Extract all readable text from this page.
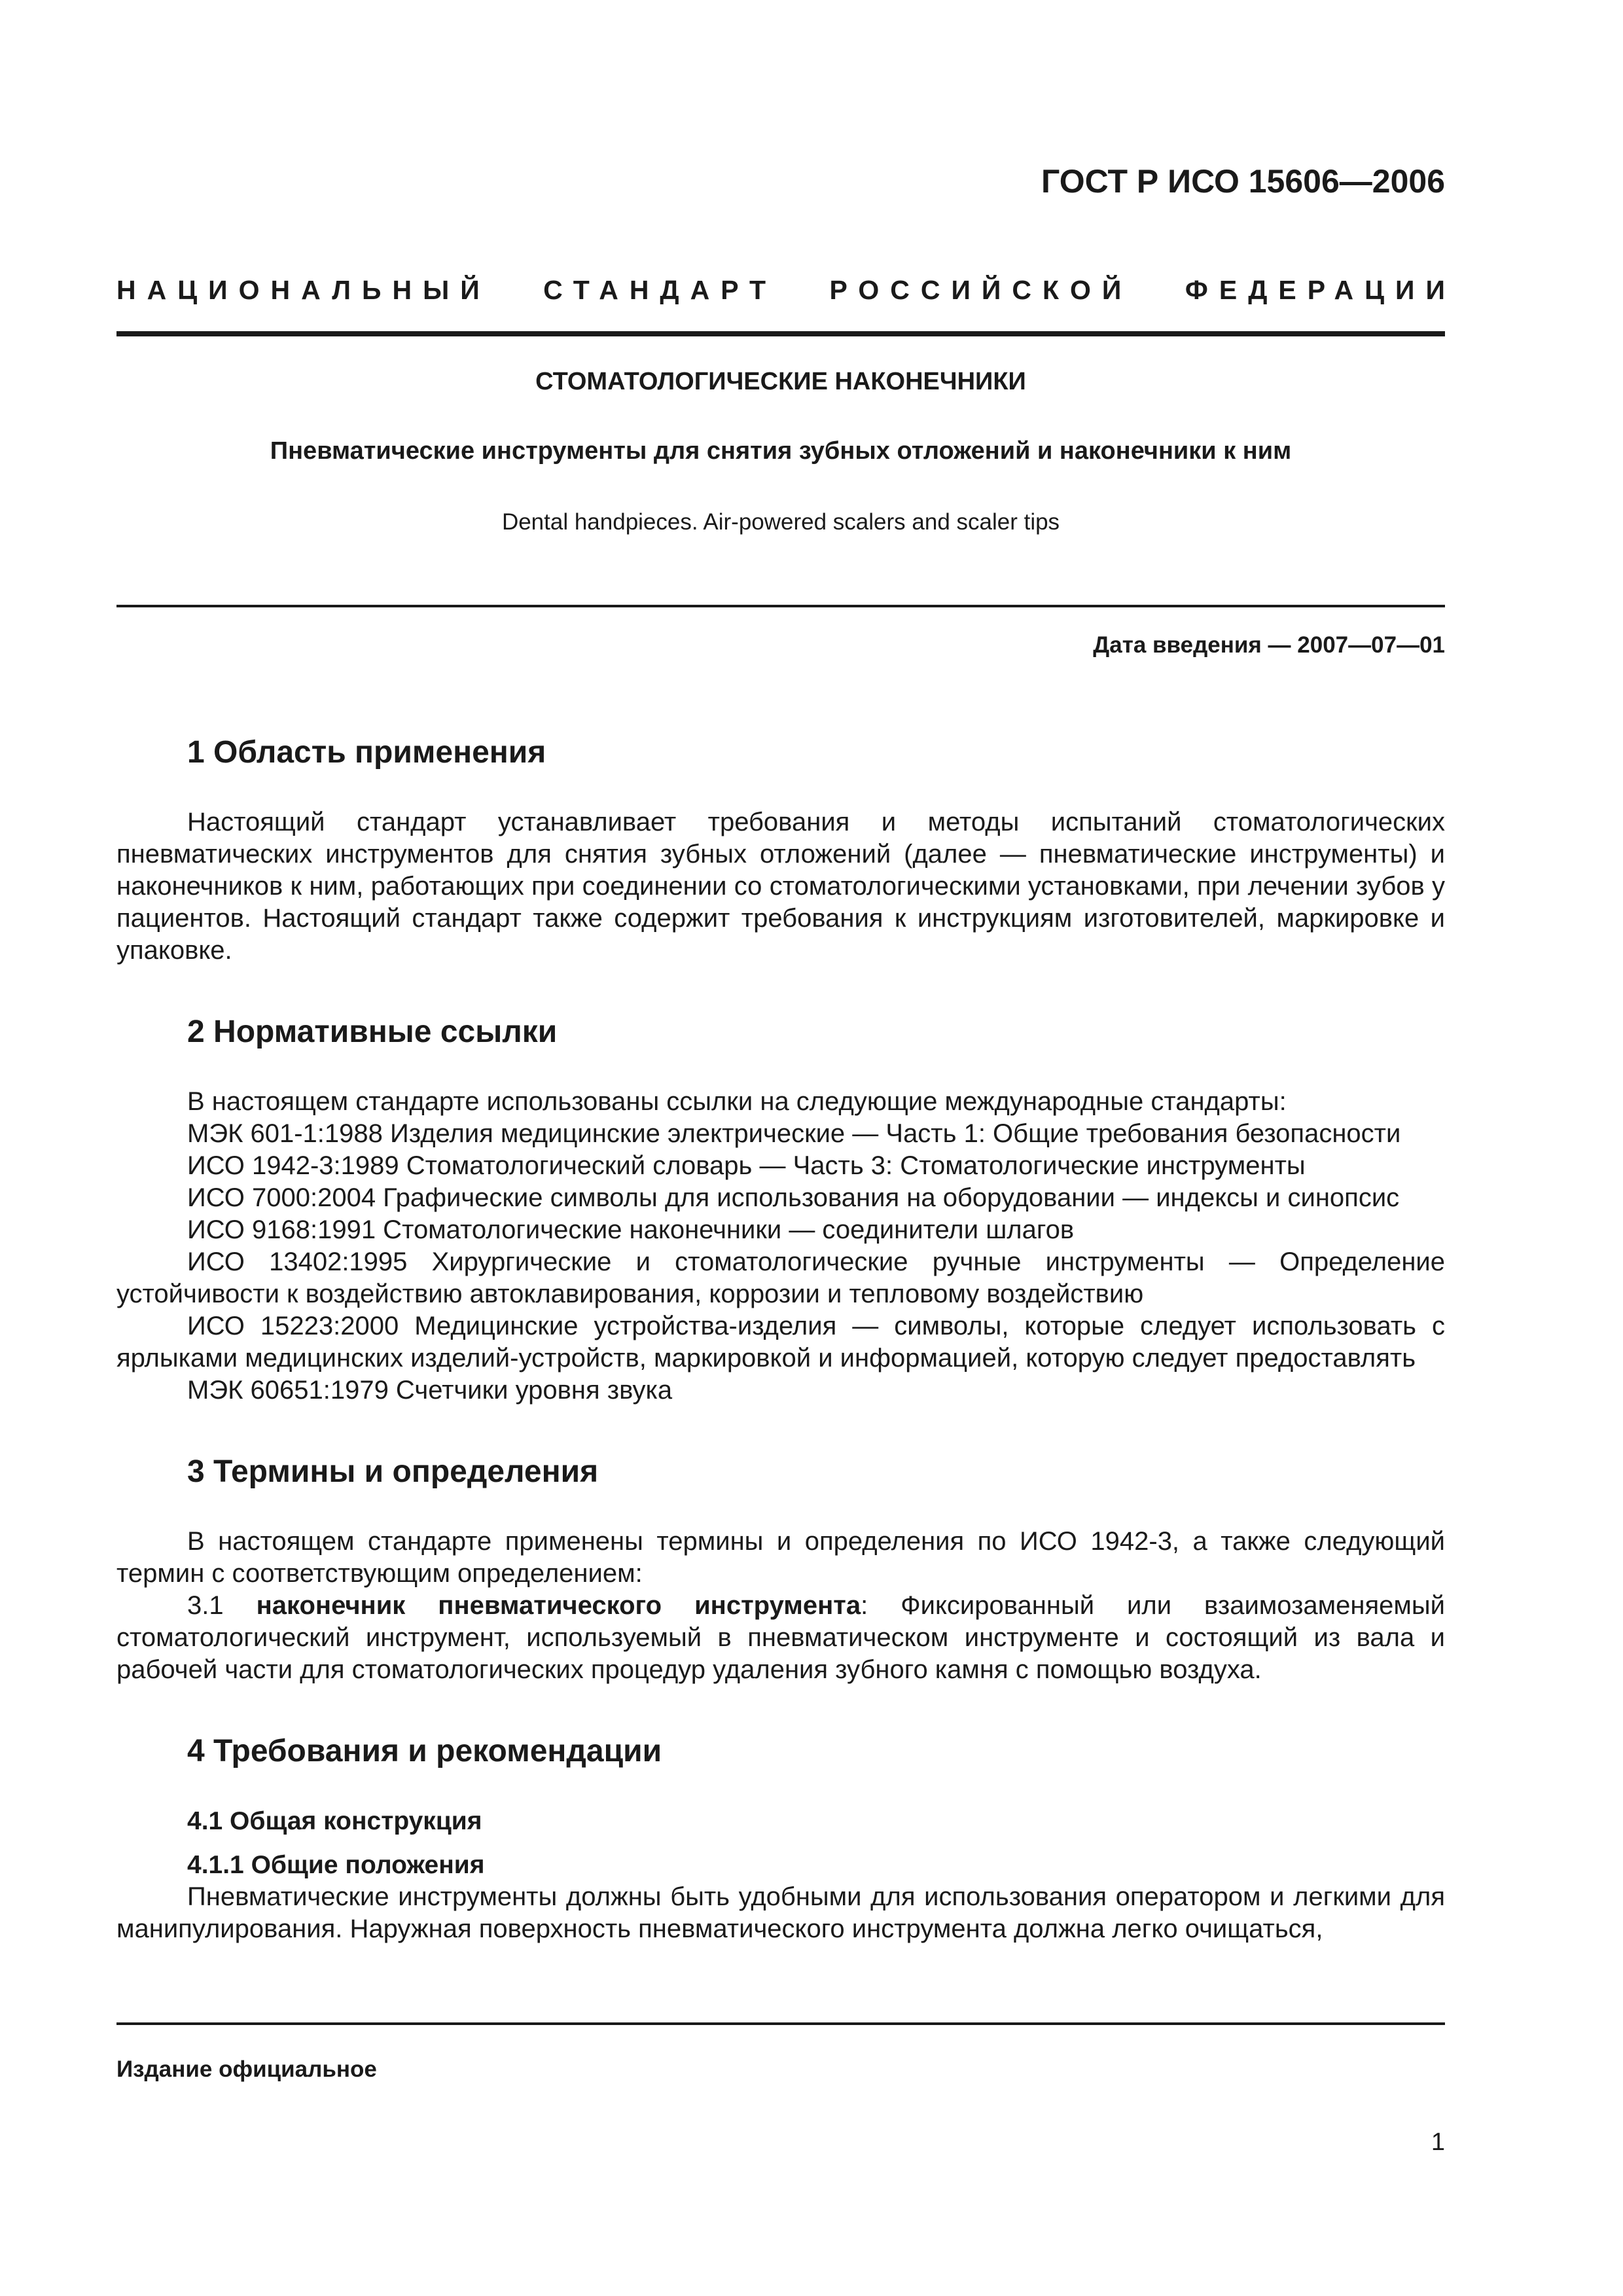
ГОСТ Р ИСО 15606—2006
НАЦИОНАЛЬНЫЙ СТАНДАРТ РОССИЙСКОЙ ФЕДЕРАЦИИ
СТОМАТОЛОГИЧЕСКИЕ НАКОНЕЧНИКИ
Пневматические инструменты для снятия зубных отложений и наконечники к ним
Dental handpieces. Air-powered scalers and scaler tips
Дата введения — 2007—07—01
1 Область применения

Настоящий стандарт устанавливает требования и методы испытаний стоматологических пневматических инструментов для снятия зубных отложений (далее — пневматические инструменты) и наконечников к ним, работающих при соединении со стоматологическими установками, при лечении зубов у пациентов. Настоящий стандарт также содержит требования к инструкциям изготовителей, маркировке и упаковке.

2 Нормативные ссылки

В настоящем стандарте использованы ссылки на следующие международные стандарты:

МЭК 601-1:1988 Изделия медицинские электрические — Часть 1: Общие требования безопасности

ИСО 1942-3:1989 Стоматологический словарь — Часть 3: Стоматологические инструменты

ИСО 7000:2004 Графические символы для использования на оборудовании — индексы и синопсис

ИСО 9168:1991 Стоматологические наконечники — соединители шлагов

ИСО 13402:1995 Хирургические и стоматологические ручные инструменты — Определение устойчивости к воздействию автоклавирования, коррозии и тепловому воздействию

ИСО 15223:2000 Медицинские устройства-изделия — символы, которые следует использовать с ярлыками медицинских изделий-устройств, маркировкой и информацией, которую следует предоставлять

МЭК 60651:1979 Счетчики уровня звука

3 Термины и определения

В настоящем стандарте применены термины и определения по ИСО 1942-3, а также следующий термин с соответствующим определением:

3.1 наконечник пневматического инструмента: Фиксированный или взаимозаменяемый стоматологический инструмент, используемый в пневматическом инструменте и состоящий из вала и рабочей части для стоматологических процедур удаления зубного камня с помощью воздуха.

4 Требования и рекомендации
4.1 Общая конструкция
4.1.1 Общие положения

Пневматические инструменты должны быть удобными для использования оператором и легкими для манипулирования. Наружная поверхность пневматического инструмента должна легко очищаться,

Издание официальное
1
